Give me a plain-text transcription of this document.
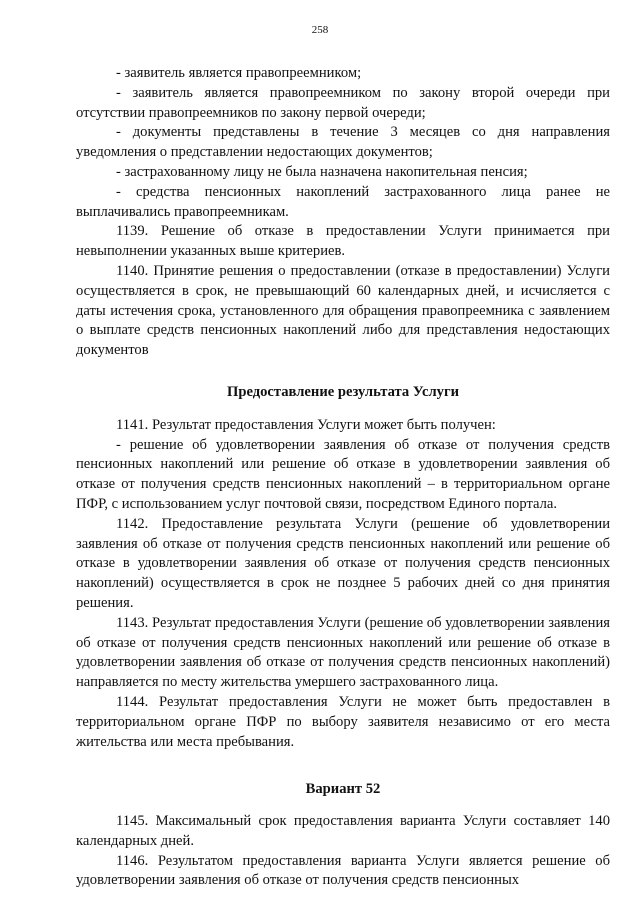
258

- заявитель является правопреемником;

- заявитель является правопреемником по закону второй очереди при отсутствии правопреемников по закону первой очереди;

- документы представлены в течение 3 месяцев со дня направления уведомления о представлении недостающих документов;

- застрахованному лицу не была назначена накопительная пенсия;

- средства пенсионных накоплений застрахованного лица ранее не выплачивались правопреемникам.

1139. Решение об отказе в предоставлении Услуги принимается при невыполнении указанных выше критериев.

1140. Принятие решения о предоставлении (отказе в предоставлении) Услуги осуществляется в срок, не превышающий 60 календарных дней, и исчисляется с даты истечения срока, установленного для обращения правопреемника с заявлением о выплате средств пенсионных накоплений либо для представления недостающих документов

Предоставление результата Услуги

1141. Результат предоставления Услуги может быть получен:

- решение об удовлетворении заявления об отказе от получения средств пенсионных накоплений или решение об отказе в удовлетворении заявления об отказе от получения средств пенсионных накоплений – в территориальном органе ПФР, с использованием услуг почтовой связи, посредством Единого портала.

1142. Предоставление результата Услуги (решение об удовлетворении заявления об отказе от получения средств пенсионных накоплений или решение об отказе в удовлетворении заявления об отказе от получения средств пенсионных накоплений) осуществляется в срок не позднее 5 рабочих дней со дня принятия решения.

1143. Результат предоставления Услуги (решение об удовлетворении заявления об отказе от получения средств пенсионных накоплений или решение об отказе в удовлетворении заявления об отказе от получения средств пенсионных накоплений) направляется по месту жительства умершего застрахованного лица.

1144. Результат предоставления Услуги не может быть предоставлен в территориальном органе ПФР по выбору заявителя независимо от его места жительства или места пребывания.

Вариант 52

1145. Максимальный срок предоставления варианта Услуги составляет 140 календарных дней.

1146. Результатом предоставления варианта Услуги является решение об удовлетворении заявления об отказе от получения средств пенсионных
